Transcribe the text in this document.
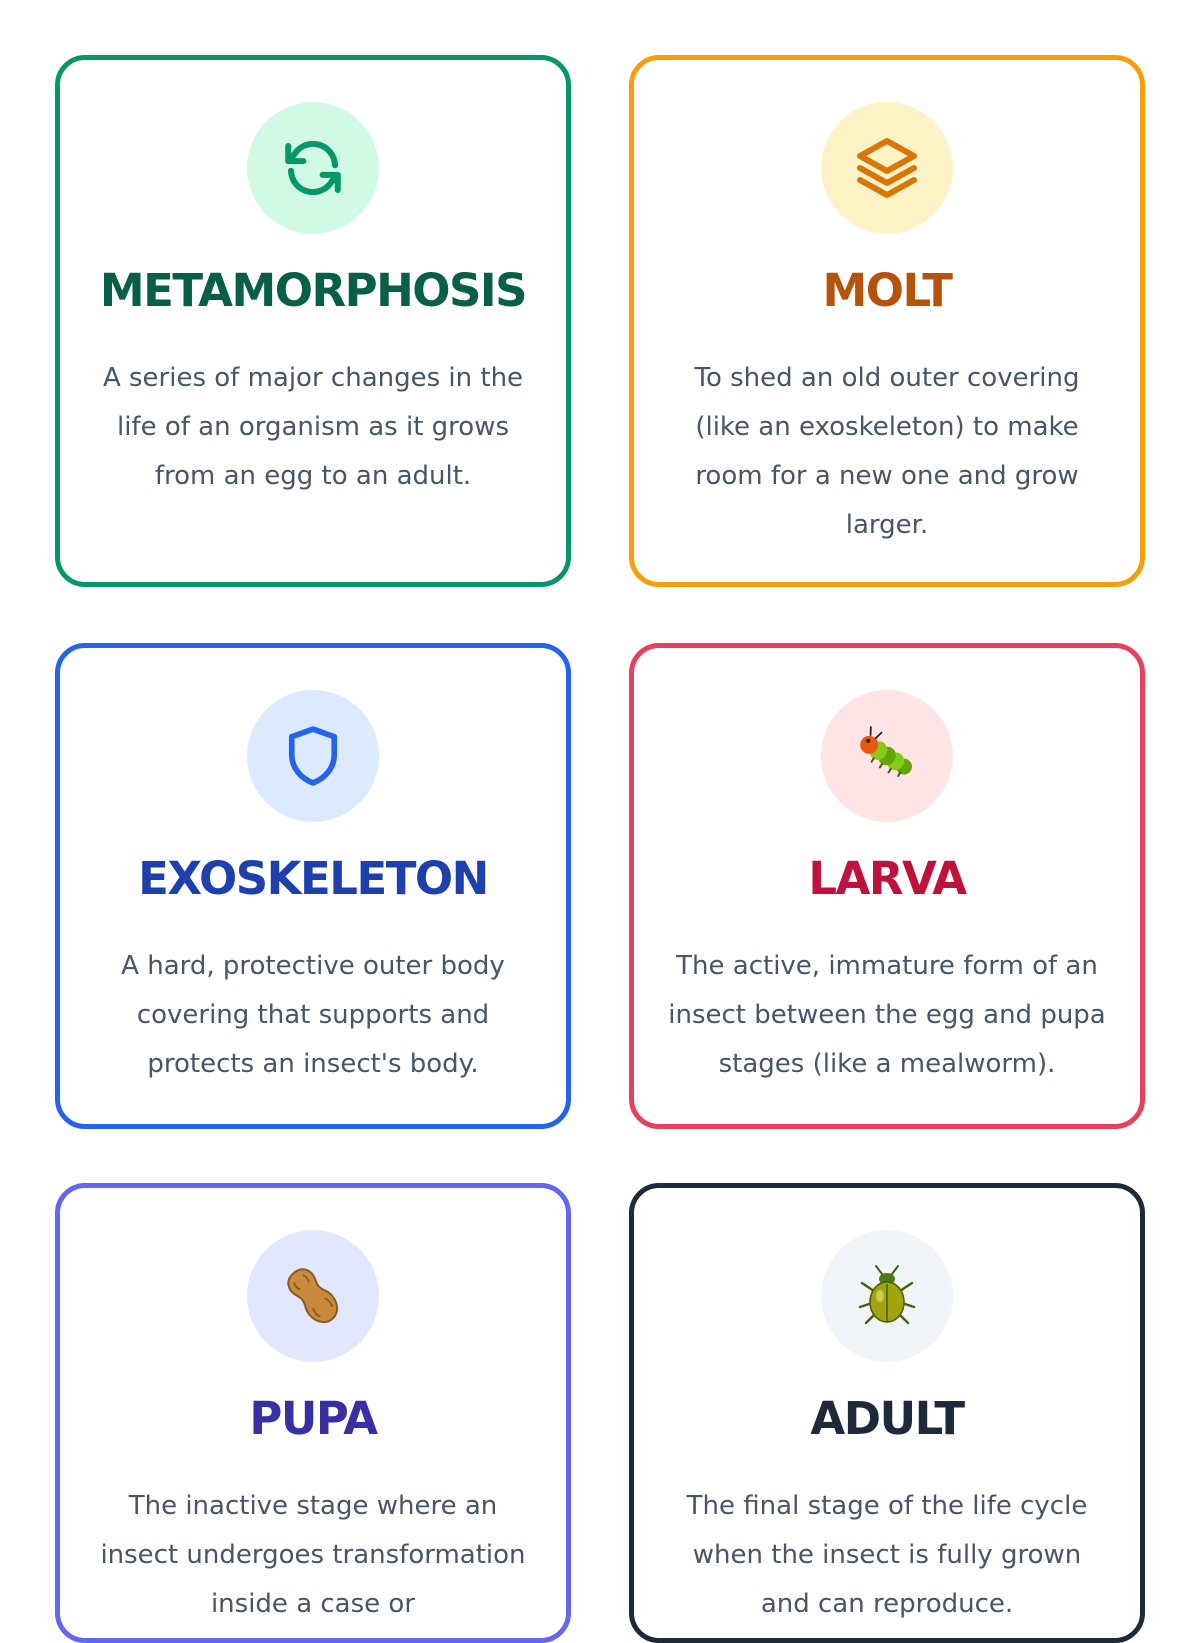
METAMORPHOSIS
A series of major changes in the life of an organism as it grows from an egg to an adult.
MOLT
To shed an old outer covering (like an exoskeleton) to make room for a new one and grow larger.
EXOSKELETON
A hard, protective outer body covering that supports and protects an insect's body.
LARVA
The active, immature form of an insect between the egg and pupa stages (like a mealworm).
PUPA
The inactive stage where an insect undergoes transformation inside a case or
ADULT
The final stage of the life cycle when the insect is fully grown and can reproduce.
